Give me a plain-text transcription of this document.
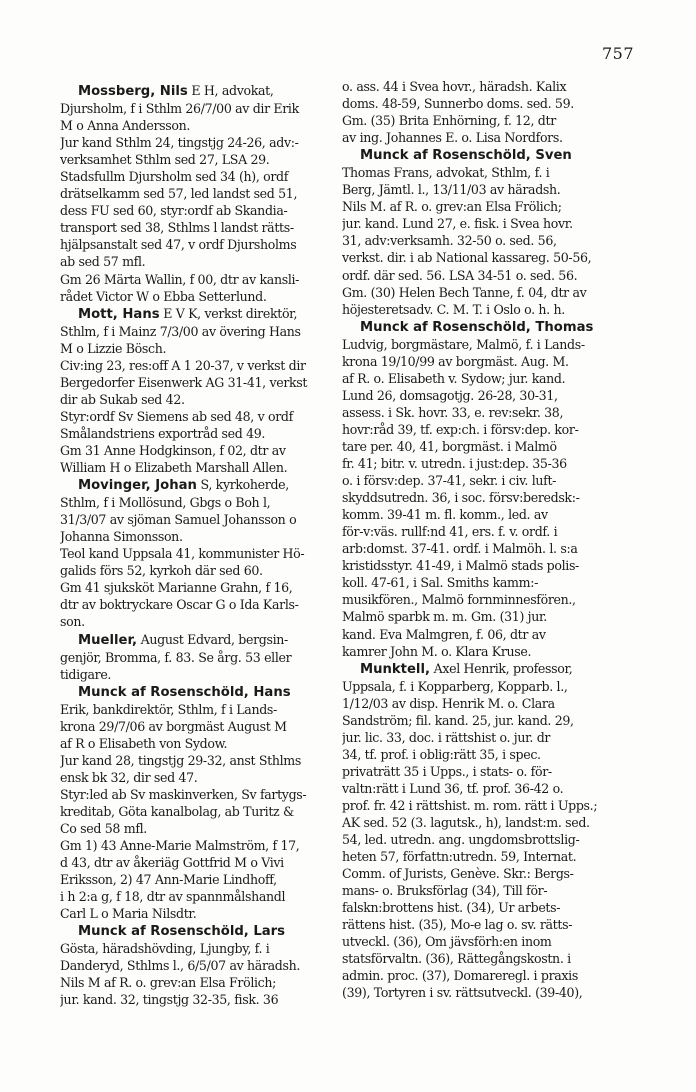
757
Mossberg, Nils E H, advokat,
Djursholm, f i Sthlm 26/7/00 av dir Erik
M o Anna Andersson.
Jur kand Sthlm 24, tingstjg 24-26, adv:-
verksamhet Sthlm sed 27, LSA 29.
Stadsfullm Djursholm sed 34 (h), ordf
drätselkamm sed 57, led landst sed 51,
dess FU sed 60, styr:ordf ab Skandia-
transport sed 38, Sthlms l landst rätts-
hjälpsanstalt sed 47, v ordf Djursholms
ab sed 57 mfl.
Gm 26 Märta Wallin, f 00, dtr av kansli-
rådet Victor W o Ebba Setterlund.
Mott, Hans E V K, verkst direktör,
Sthlm, f i Mainz 7/3/00 av övering Hans
M o Lizzie Bösch.
Civ:ing 23, res:off A 1 20-37, v verkst dir
Bergedorfer Eisenwerk AG 31-41, verkst
dir ab Sukab sed 42.
Styr:ordf Sv Siemens ab sed 48, v ordf
Smålandstriens exportråd sed 49.
Gm 31 Anne Hodgkinson, f 02, dtr av
William H o Elizabeth Marshall Allen.
Movinger, Johan S, kyrkoherde,
Sthlm, f i Mollösund, Gbgs o Boh l,
31/3/07 av sjöman Samuel Johansson o
Johanna Simonsson.
Teol kand Uppsala 41, kommunister Hö-
galids förs 52, kyrkoh där sed 60.
Gm 41 sjuksköt Marianne Grahn, f 16,
dtr av boktryckare Oscar G o Ida Karls-
son.
Mueller, August Edvard, bergsin-
genjör, Bromma, f. 83. Se årg. 53 eller
tidigare.
Munck af Rosenschöld, Hans
Erik, bankdirektör, Sthlm, f i Lands-
krona 29/7/06 av borgmäst August M
af R o Elisabeth von Sydow.
Jur kand 28, tingstjg 29-32, anst Sthlms
ensk bk 32, dir sed 47.
Styr:led ab Sv maskinverken, Sv fartygs-
kreditab, Göta kanalbolag, ab Turitz &
Co sed 58 mfl.
Gm 1) 43 Anne-Marie Malmström, f 17,
d 43, dtr av åkeriäg Gottfrid M o Vivi
Eriksson, 2) 47 Ann-Marie Lindhoff,
i h 2:a g, f 18, dtr av spannmålshandl
Carl L o Maria Nilsdtr.
Munck af Rosenschöld, Lars
Gösta, häradshövding, Ljungby, f. i
Danderyd, Sthlms l., 6/5/07 av häradsh.
Nils M af R. o. grev:an Elsa Frölich;
jur. kand. 32, tingstjg 32-35, fisk. 36
o. ass. 44 i Svea hovr., häradsh. Kalix
doms. 48-59, Sunnerbo doms. sed. 59.
Gm. (35) Brita Enhörning, f. 12, dtr
av ing. Johannes E. o. Lisa Nordfors.
Munck af Rosenschöld, Sven
Thomas Frans, advokat, Sthlm, f. i
Berg, Jämtl. l., 13/11/03 av häradsh.
Nils M. af R. o. grev:an Elsa Frölich;
jur. kand. Lund 27, e. fisk. i Svea hovr.
31, adv:verksamh. 32-50 o. sed. 56,
verkst. dir. i ab National kassareg. 50-56,
ordf. där sed. 56. LSA 34-51 o. sed. 56.
Gm. (30) Helen Bech Tanne, f. 04, dtr av
höjesteretsadv. C. M. T. i Oslo o. h. h.
Munck af Rosenschöld, Thomas
Ludvig, borgmästare, Malmö, f. i Lands-
krona 19/10/99 av borgmäst. Aug. M.
af R. o. Elisabeth v. Sydow; jur. kand.
Lund 26, domsagotjg. 26-28, 30-31,
assess. i Sk. hovr. 33, e. rev:sekr. 38,
hovr:råd 39, tf. exp:ch. i försv:dep. kor-
tare per. 40, 41, borgmäst. i Malmö
fr. 41; bitr. v. utredn. i just:dep. 35-36
o. i försv:dep. 37-41, sekr. i civ. luft-
skyddsutredn. 36, i soc. försv:beredsk:-
komm. 39-41 m. fl. komm., led. av
för-v:väs. rullf:nd 41, ers. f. v. ordf. i
arb:domst. 37-41. ordf. i Malmöh. l. s:a
kristidsstyr. 41-49, i Malmö stads polis-
koll. 47-61, i Sal. Smiths kamm:-
musikfören., Malmö fornminnesfören.,
Malmö sparbk m. m. Gm. (31) jur.
kand. Eva Malmgren, f. 06, dtr av
kamrer John M. o. Klara Kruse.
Munktell, Axel Henrik, professor,
Uppsala, f. i Kopparberg, Kopparb. l.,
1/12/03 av disp. Henrik M. o. Clara
Sandström; fil. kand. 25, jur. kand. 29,
jur. lic. 33, doc. i rättshist o. jur. dr
34, tf. prof. i oblig:rätt 35, i spec.
privaträtt 35 i Upps., i stats- o. för-
valtn:rätt i Lund 36, tf. prof. 36-42 o.
prof. fr. 42 i rättshist. m. rom. rätt i Upps.;
AK sed. 52 (3. lagutsk., h), landst:m. sed.
54, led. utredn. ang. ungdomsbrottslig-
heten 57, författn:utredn. 59, Internat.
Comm. of Jurists, Genève. Skr.: Bergs-
mans- o. Bruksförlag (34), Till för-
falskn:brottens hist. (34), Ur arbets-
rättens hist. (35), Mo-e lag o. sv. rätts-
utveckl. (36), Om jävsförh:en inom
statsförvaltn. (36), Rättegångskostn. i
admin. proc. (37), Domareregl. i praxis
(39), Tortyren i sv. rättsutveckl. (39-40),
